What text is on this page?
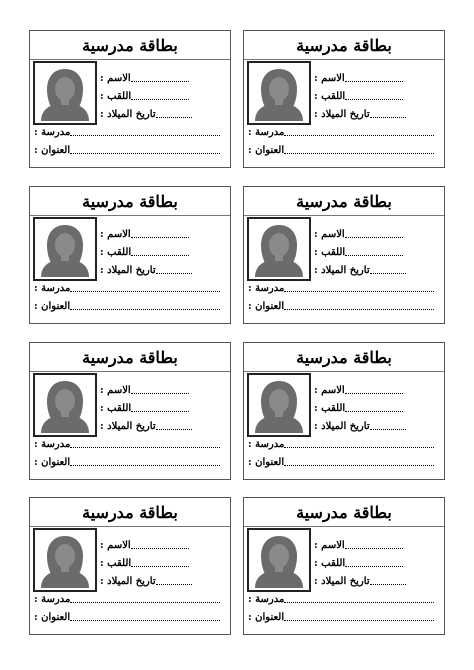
بطاقة مدرسية
الاسم :
اللقب :
تاريخ الميلاد :
مدرسة :
العنوان :
بطاقة مدرسية
الاسم :
اللقب :
تاريخ الميلاد :
مدرسة :
العنوان :
بطاقة مدرسية
الاسم :
اللقب :
تاريخ الميلاد :
مدرسة :
العنوان :
بطاقة مدرسية
الاسم :
اللقب :
تاريخ الميلاد :
مدرسة :
العنوان :
بطاقة مدرسية
الاسم :
اللقب :
تاريخ الميلاد :
مدرسة :
العنوان :
بطاقة مدرسية
الاسم :
اللقب :
تاريخ الميلاد :
مدرسة :
العنوان :
بطاقة مدرسية
الاسم :
اللقب :
تاريخ الميلاد :
مدرسة :
العنوان :
بطاقة مدرسية
الاسم :
اللقب :
تاريخ الميلاد :
مدرسة :
العنوان :
